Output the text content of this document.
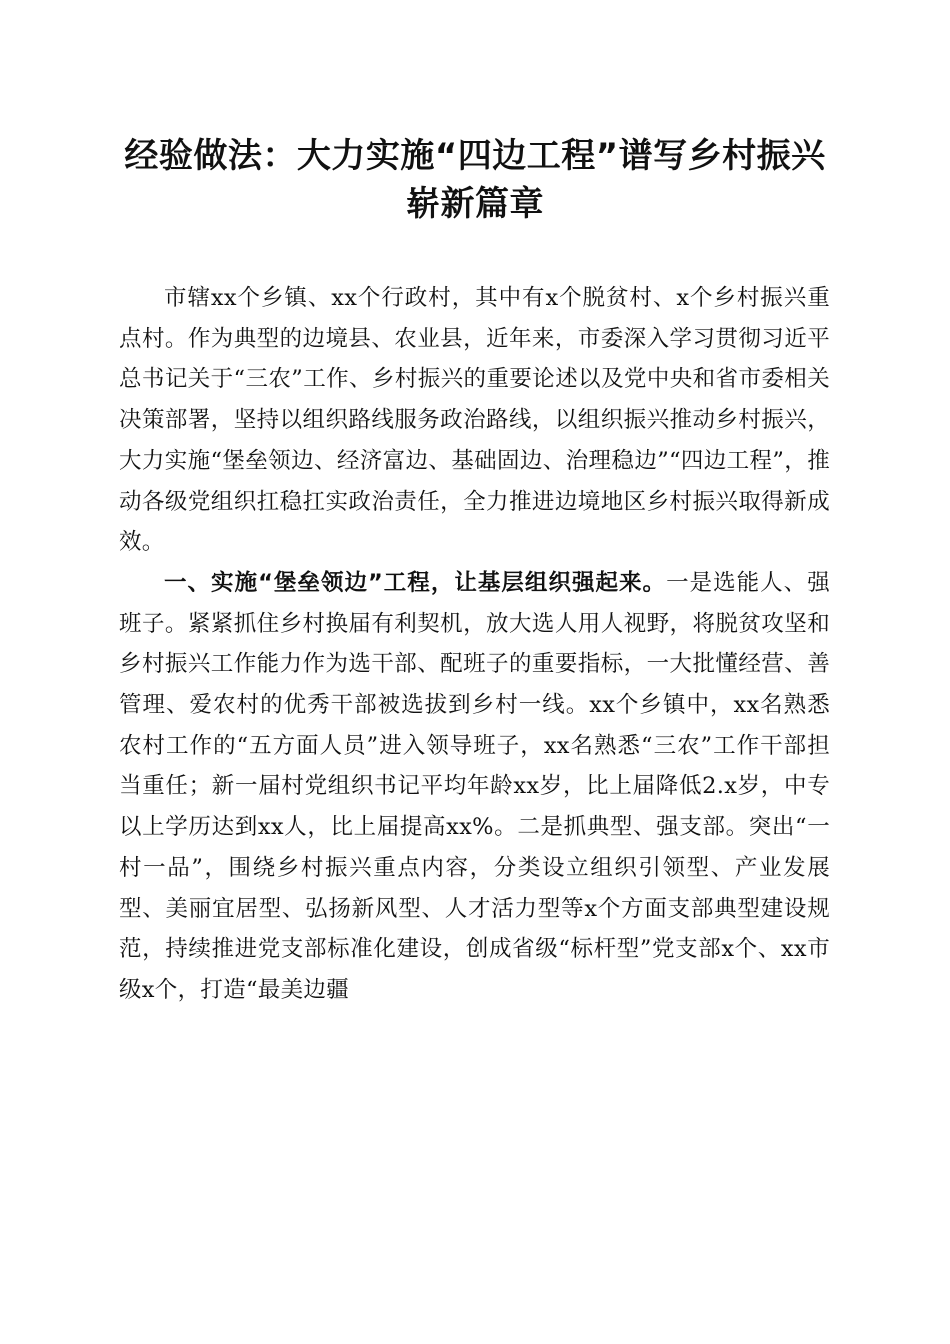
经验做法：大力实施“四边工程”谱写乡村振兴崭新篇章

市辖xx个乡镇、xx个行政村，其中有x个脱贫村、x个乡村振兴重点村。作为典型的边境县、农业县，近年来，市委深入学习贯彻习近平总书记关于“三农”工作、乡村振兴的重要论述以及党中央和省市委相关决策部署，坚持以组织路线服务政治路线，以组织振兴推动乡村振兴，大力实施“堡垒领边、经济富边、基础固边、治理稳边”“四边工程”，推动各级党组织扛稳扛实政治责任，全力推进边境地区乡村振兴取得新成效。

一、实施“堡垒领边”工程，让基层组织强起来。一是选能人、强班子。紧紧抓住乡村换届有利契机，放大选人用人视野，将脱贫攻坚和乡村振兴工作能力作为选干部、配班子的重要指标，一大批懂经营、善管理、爱农村的优秀干部被选拔到乡村一线。xx个乡镇中，xx名熟悉农村工作的“五方面人员”进入领导班子，xx名熟悉“三农”工作干部担当重任；新一届村党组织书记平均年龄xx岁，比上届降低2.x岁，中专以上学历达到xx人，比上届提高xx%。二是抓典型、强支部。突出“一村一品”，围绕乡村振兴重点内容，分类设立组织引领型、产业发展型、美丽宜居型、弘扬新风型、人才活力型等x个方面支部典型建设规范，持续推进党支部标准化建设，创成省级“标杆型”党支部x个、xx市级x个，打造“最美边疆
